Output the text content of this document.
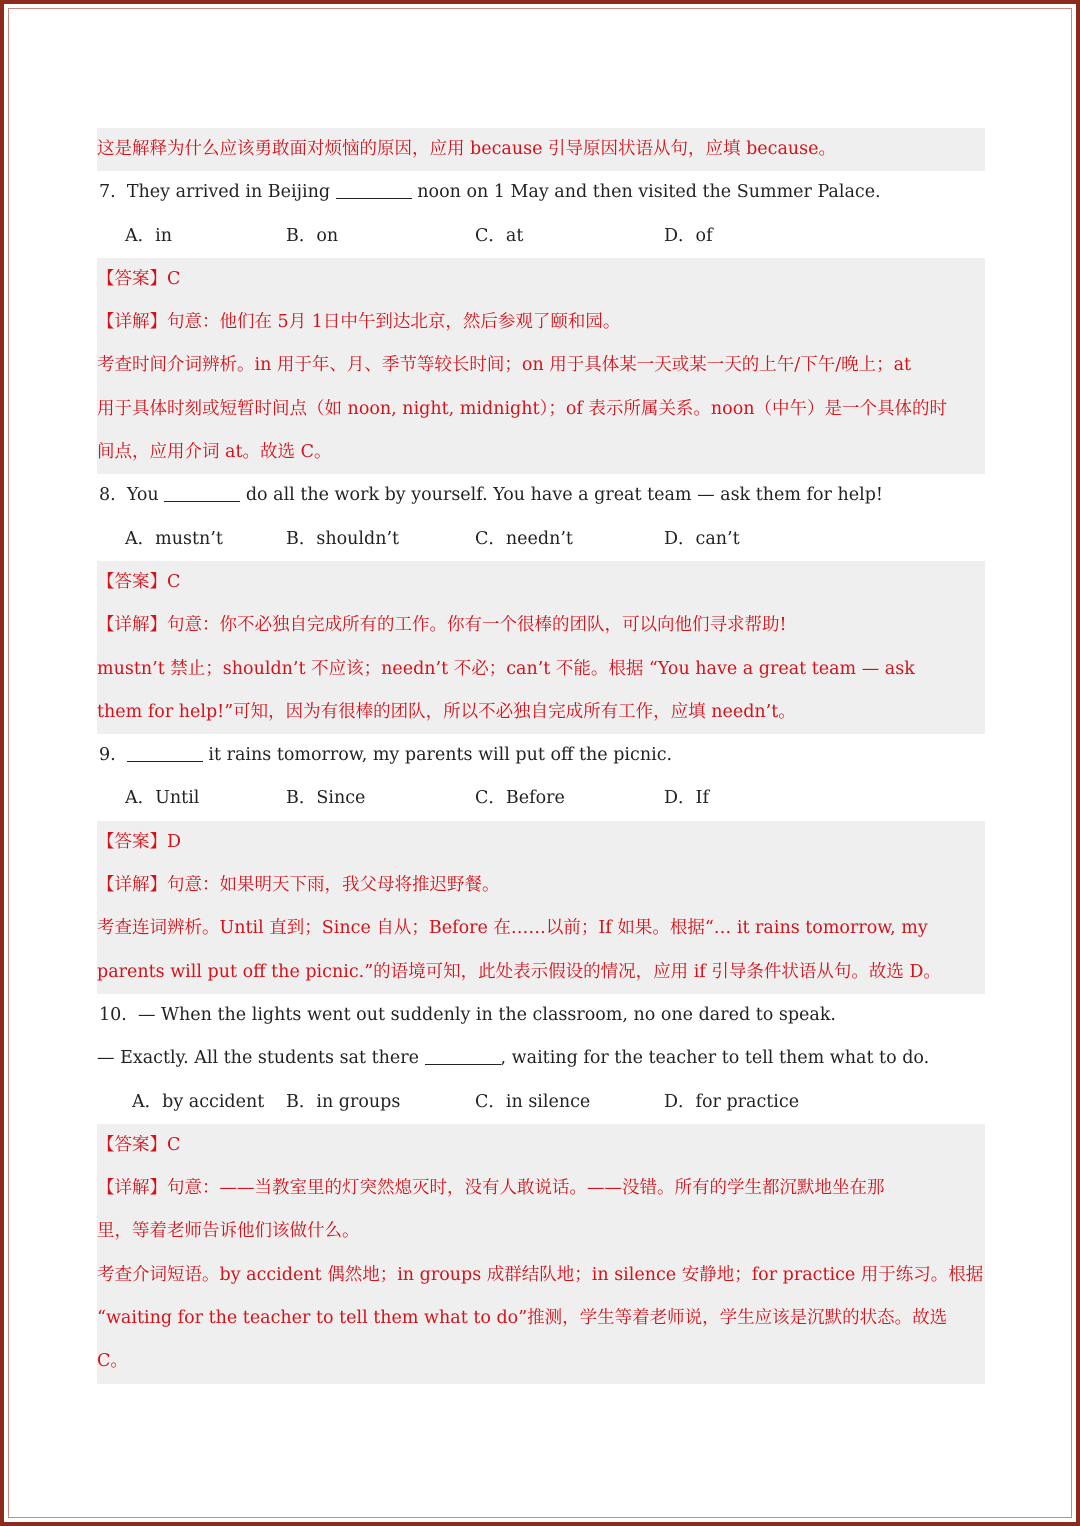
这是解释为什么应该勇敢面对烦恼的原因，应用 because 引导原因状语从句，应填 because。
7. They arrived in Beijing	noon on 1 May and then visited the Summer Palace.
A．in	B．on	C．at	D．of
【答案】C
【详解】句意：他们在 5月 1日中午到达北京，然后参观了颐和园。
考查时间介词辨析。in 用于年、月、季节等较长时间；on 用于具体某一天或某一天的上午/下午/晚上；at
用于具体时刻或短暂时间点（如 noon, night, midnight）；of 表示所属关系。noon（中午）是一个具体的时
间点，应用介词 at。故选 C。
8. You	do all the work by yourself. You have a great team — ask them for help!
A．mustn’t	B．shouldn’t	C．needn’t	D．can’t
【答案】C
【详解】句意：你不必独自完成所有的工作。你有一个很棒的团队，可以向他们寻求帮助!
mustn’t 禁止；shouldn’t 不应该；needn’t 不必；can’t 不能。根据 “You have a great team — ask
them for help!”可知，因为有很棒的团队，所以不必独自完成所有工作，应填 needn’t。
9.	it rains tomorrow, my parents will put off the picnic.
A．Until	B．Since	C．Before	D．If
【答案】D
【详解】句意：如果明天下雨，我父母将推迟野餐。
考查连词辨析。Until 直到；Since 自从；Before 在……以前；If 如果。根据“… it rains tomorrow, my
parents will put off the picnic.”的语境可知，此处表示假设的情况，应用 if 引导条件状语从句。故选 D。
10. — When the lights went out suddenly in the classroom, no one dared to speak.
— Exactly. All the students sat there	, waiting for the teacher to tell them what to do.
A．by accident B．in groups	C．in silence	D．for practice
【答案】C
【详解】句意：——当教室里的灯突然熄灭时，没有人敢说话。——没错。所有的学生都沉默地坐在那
里，等着老师告诉他们该做什么。
考查介词短语。by accident 偶然地；in groups 成群结队地；in silence 安静地；for practice 用于练习。根据
“waiting for the teacher to tell them what to do”推测，学生等着老师说，学生应该是沉默的状态。故选
C。
